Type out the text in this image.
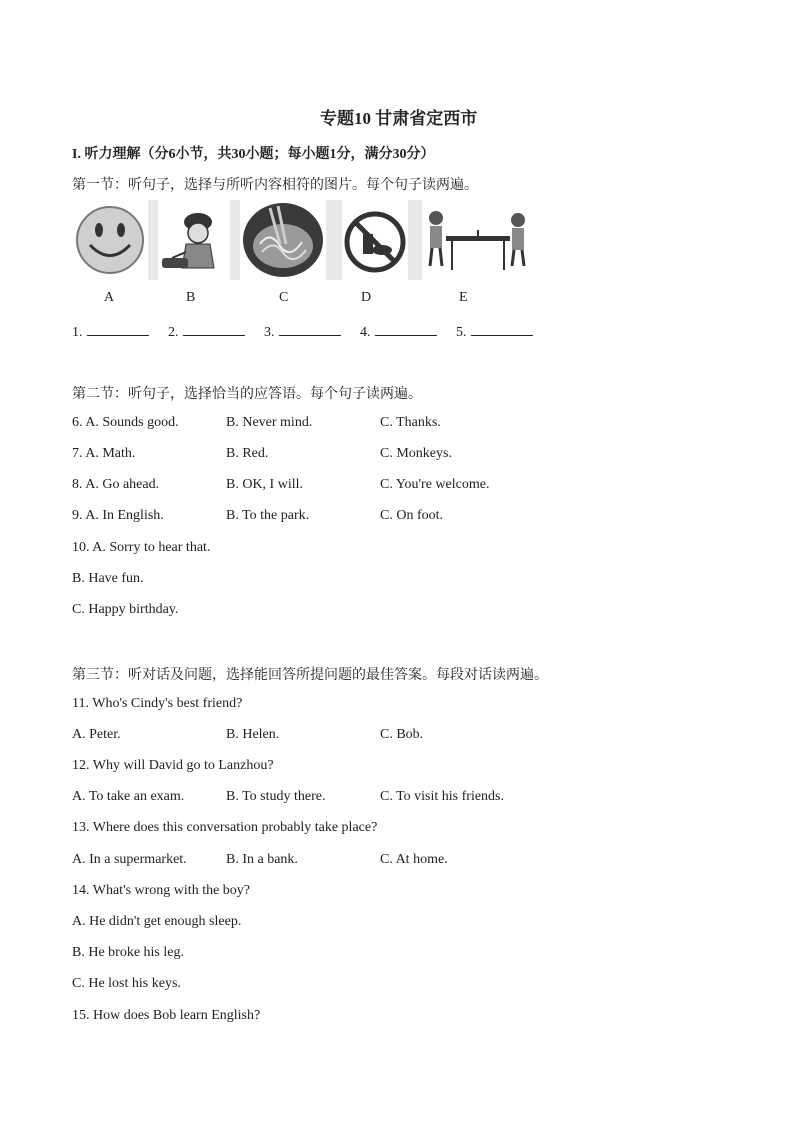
专题10 甘肃省定西市
I. 听力理解（分6小节，共30小题；每小题1分，满分30分）
第一节：听句子，选择与所听内容相符的图片。每个句子读两遍。
A	B	C	D	E
1.	2.	3.	4.	5.
第二节：听句子，选择恰当的应答语。每个句子读两遍。
6. A. Sounds good.	B. Never mind.	C. Thanks.
7. A. Math.	B. Red.	C. Monkeys.
8. A. Go ahead.	B. OK, I will.	C. You're welcome.
9. A. In English.	B. To the park.	C. On foot.
10. A. Sorry to hear that.
B. Have fun.
C. Happy birthday.
第三节：听对话及问题，选择能回答所提问题的最佳答案。每段对话读两遍。
11. Who's Cindy's best friend?
A. Peter.	B. Helen.	C. Bob.
12. Why will David go to Lanzhou?
A. To take an exam.	B. To study there.	C. To visit his friends.
13. Where does this conversation probably take place?
A. In a supermarket.	B. In a bank.	C. At home.
14. What's wrong with the boy?
A. He didn't get enough sleep.
B. He broke his leg.
C. He lost his keys.
15. How does Bob learn English?
